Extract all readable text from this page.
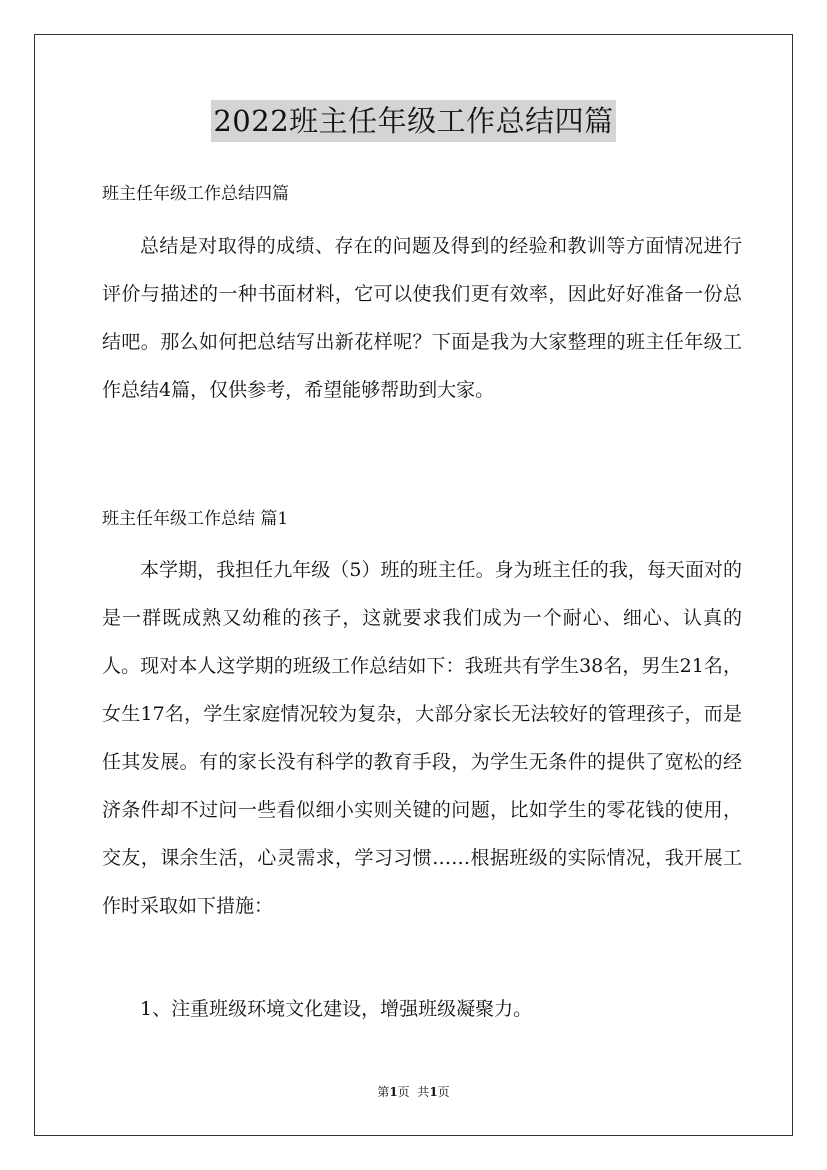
2022班主任年级工作总结四篇
班主任年级工作总结四篇

总结是对取得的成绩、存在的问题及得到的经验和教训等方面情况进行评价与描述的一种书面材料，它可以使我们更有效率，因此好好准备一份总结吧。那么如何把总结写出新花样呢？下面是我为大家整理的班主任年级工作总结4篇，仅供参考，希望能够帮助到大家。

班主任年级工作总结 篇1

本学期，我担任九年级（5）班的班主任。身为班主任的我，每天面对的是一群既成熟又幼稚的孩子，这就要求我们成为一个耐心、细心、认真的人。现对本人这学期的班级工作总结如下：我班共有学生38名，男生21名，女生17名，学生家庭情况较为复杂，大部分家长无法较好的管理孩子，而是任其发展。有的家长没有科学的教育手段，为学生无条件的提供了宽松的经济条件却不过问一些看似细小实则关键的问题，比如学生的零花钱的使用，交友，课余生活，心灵需求，学习习惯……根据班级的实际情况，我开展工作时采取如下措施：

1、注重班级环境文化建设，增强班级凝聚力。

第1页  共1页
